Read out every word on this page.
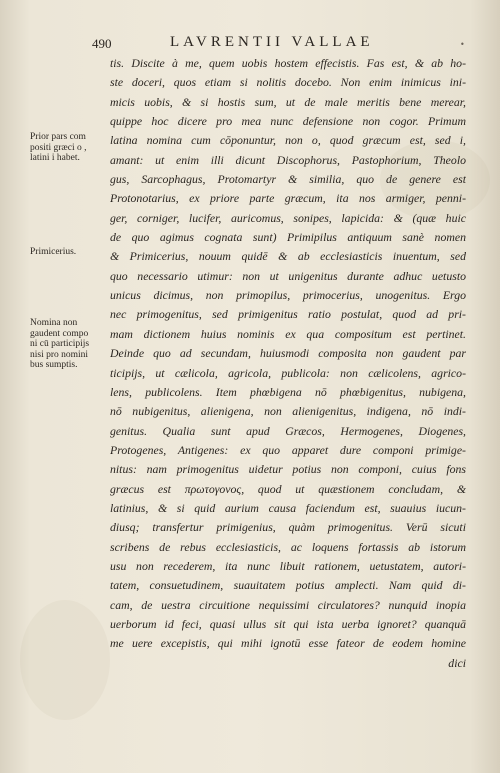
490	LAVRENTII VALLAE	•
tis. Discite à me, quem uobis hostem effecistis. Fas est, & ab ho-
ste doceri, quos etiam si nolitis docebo. Non enim inimicus ini-
micis uobis, & si hostis sum, ut de male meritis bene merear,
quippe hoc dicere pro mea nunc defensione non cogor. Primum
latina nomina cum cōponuntur, non o, quod græcum est, sed i,
amant: ut enim illi dicunt Discophorus, Pastophorium, Theolo
gus, Sarcophagus, Protomartyr & similia, quo de genere est
Protonotarius, ex priore parte græcum, ita nos armiger, penni-
ger, corniger, lucifer, auricomus, sonipes, lapicida: & (quæ huic
de quo agimus cognata sunt) Primipilus antiquum sanè nomen
& Primicerius, nouum quidē & ab ecclesiasticis inuentum, sed
quo necessario utimur: non ut unigenitus durante adhuc uetusto
unicus dicimus, non primopilus, primocerius, unogenitus. Ergo
nec primogenitus, sed primigenitus ratio postulat, quod ad pri-
mam dictionem huius nominis ex qua compositum est pertinet.
Deinde quo ad secundam, huiusmodi composita non gaudent par
ticipijs, ut cælicola, agricola, publicola: non cælicolens, agrico-
lens, publicolens. Item phœbigena nō phœbigenitus, nubigena,
nō nubigenitus, alienigena, non alienigenitus, indigena, nō indi-
genitus. Qualia sunt apud Græcos, Hermogenes, Diogenes,
Protogenes, Antigenes: ex quo apparet dure componi primige-
nitus: nam primogenitus uidetur potius non componi, cuius fons
græcus est πρωτογονος, quod ut quæstionem concludam, &
latinius, & si quid aurium causa faciendum est, suauius iucun-
diusq; transfertur primigenius, quàm primogenitus. Verū sicuti
scribens de rebus ecclesiasticis, ac loquens fortassis ab istorum
usu non recederem, ita nunc libuit rationem, uetustatem, autori-
tatem, consuetudinem, suauitatem potius amplecti. Nam quid di-
cam, de uestra circuitione nequissimi circulatores? nunquid inopia
uerborum id feci, quasi ullus sit qui ista uerba ignoret? quanquā
me uere excepistis, qui mihi ignotū esse fateor de eodem homine
dici
Prior pars com
positi græci o ,
latini i habet.
Primicerius.
Nomina non
gaudent compo
ni cū participijs
nisi pro nomini
bus sumptis.
